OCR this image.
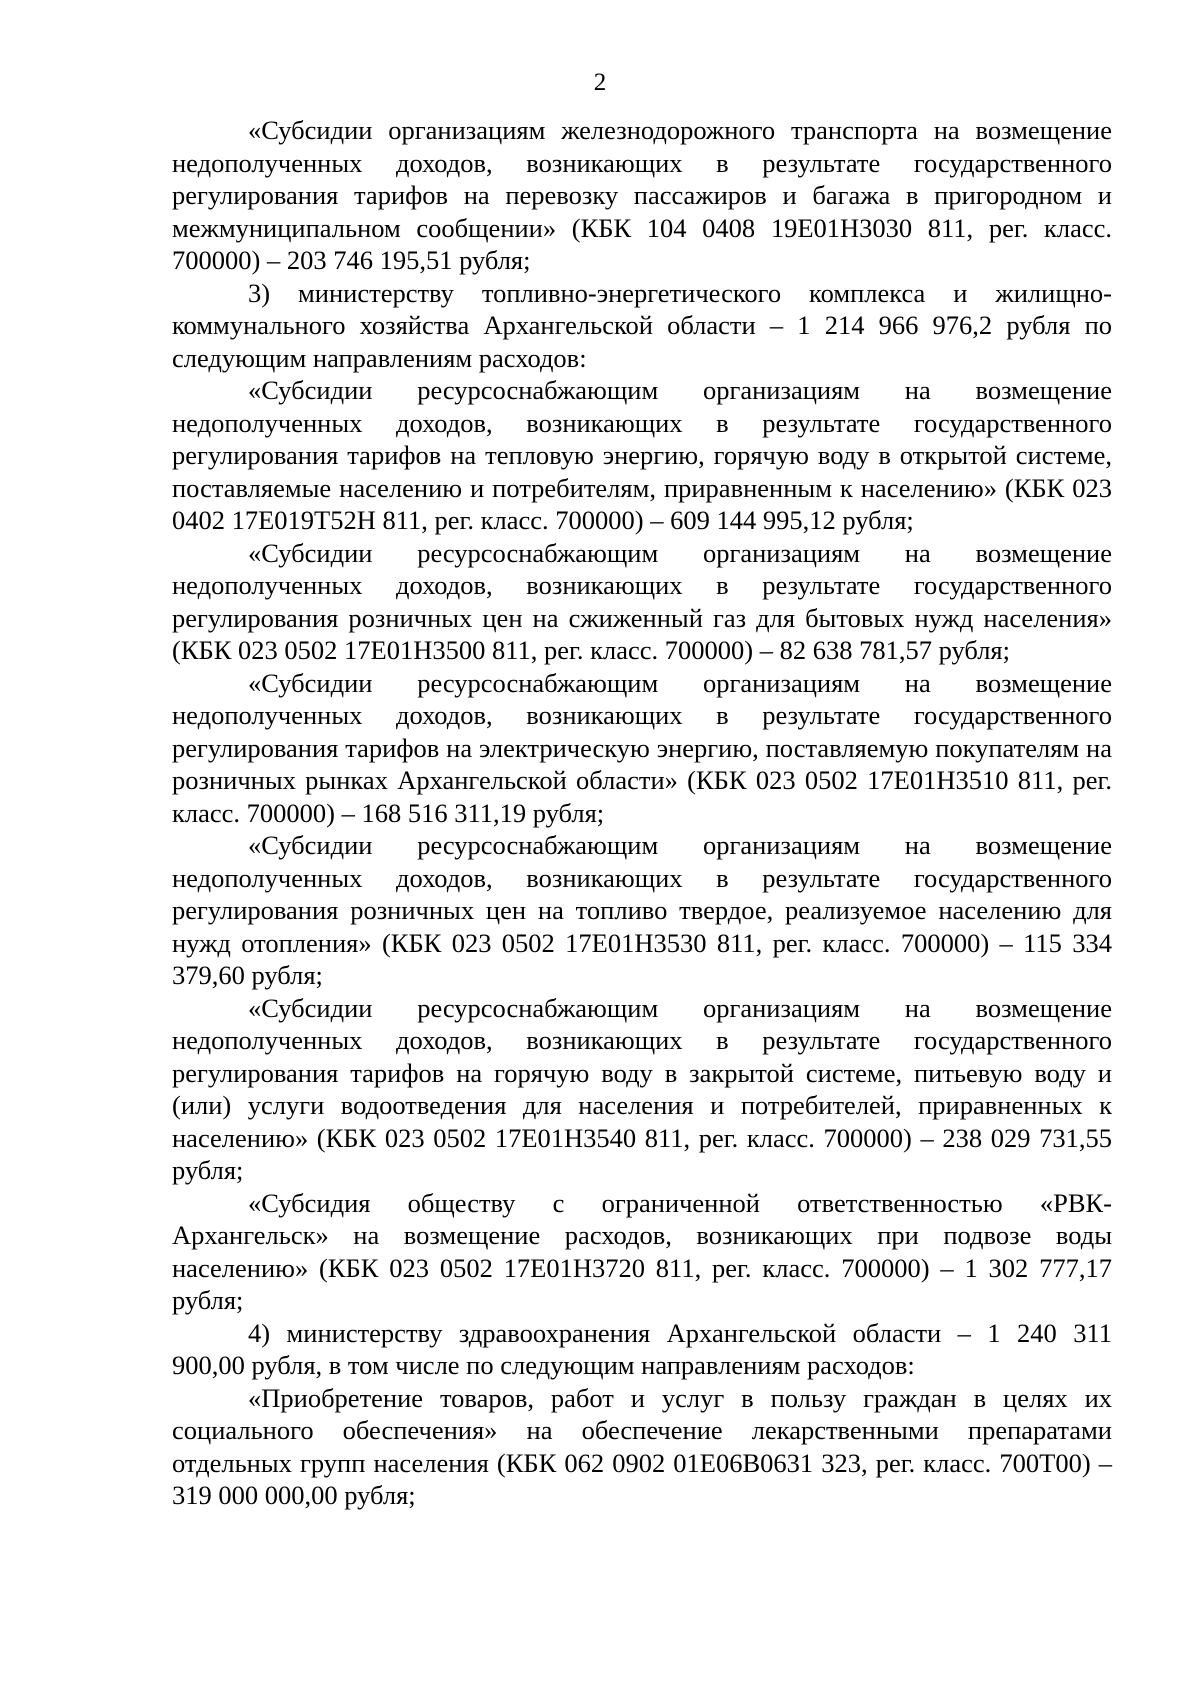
2

«Субсидии организациям железнодорожного транспорта на возмещение недополученных доходов, возникающих в результате государственного регулирования тарифов на перевозку пассажиров и багажа в пригородном и межмуниципальном сообщении» (КБК 104 0408 19Е01Н3030 811, рег. класс. 700000) – 203 746 195,51 рубля;

3) министерству топливно-энергетического комплекса и жилищно-коммунального хозяйства Архангельской области – 1 214 966 976,2 рубля по следующим направлениям расходов:

«Субсидии ресурсоснабжающим организациям на возмещение недополученных доходов, возникающих в результате государственного регулирования тарифов на тепловую энергию, горячую воду в открытой системе, поставляемые населению и потребителям, приравненным к населению» (КБК 023 0402 17Е019Т52Н 811, рег. класс. 700000) – 609 144 995,12 рубля;

«Субсидии ресурсоснабжающим организациям на возмещение недополученных доходов, возникающих в результате государственного регулирования розничных цен на сжиженный газ для бытовых нужд населения» (КБК 023 0502 17Е01Н3500 811, рег. класс. 700000) – 82 638 781,57 рубля;

«Субсидии ресурсоснабжающим организациям на возмещение недополученных доходов, возникающих в результате государственного регулирования тарифов на электрическую энергию, поставляемую покупателям на розничных рынках Архангельской области» (КБК 023 0502 17Е01Н3510 811, рег. класс. 700000) – 168 516 311,19 рубля;

«Субсидии ресурсоснабжающим организациям на возмещение недополученных доходов, возникающих в результате государственного регулирования розничных цен на топливо твердое, реализуемое населению для нужд отопления» (КБК 023 0502 17Е01Н3530 811, рег. класс. 700000) – 115 334 379,60 рубля;

«Субсидии ресурсоснабжающим организациям на возмещение недополученных доходов, возникающих в результате государственного регулирования тарифов на горячую воду в закрытой системе, питьевую воду и (или) услуги водоотведения для населения и потребителей, приравненных к населению» (КБК 023 0502 17Е01Н3540 811, рег. класс. 700000) – 238 029 731,55 рубля;

«Субсидия обществу с ограниченной ответственностью «РВК-Архангельск» на возмещение расходов, возникающих при подвозе воды населению» (КБК 023 0502 17Е01Н3720 811, рег. класс. 700000) – 1 302 777,17 рубля;

4) министерству здравоохранения Архангельской области – 1 240 311 900,00 рубля, в том числе по следующим направлениям расходов:

«Приобретение товаров, работ и услуг в пользу граждан в целях их социального обеспечения» на обеспечение лекарственными препаратами отдельных групп населения (КБК 062 0902 01Е06В0631 323, рег. класс. 700Т00) – 319 000 000,00 рубля;
